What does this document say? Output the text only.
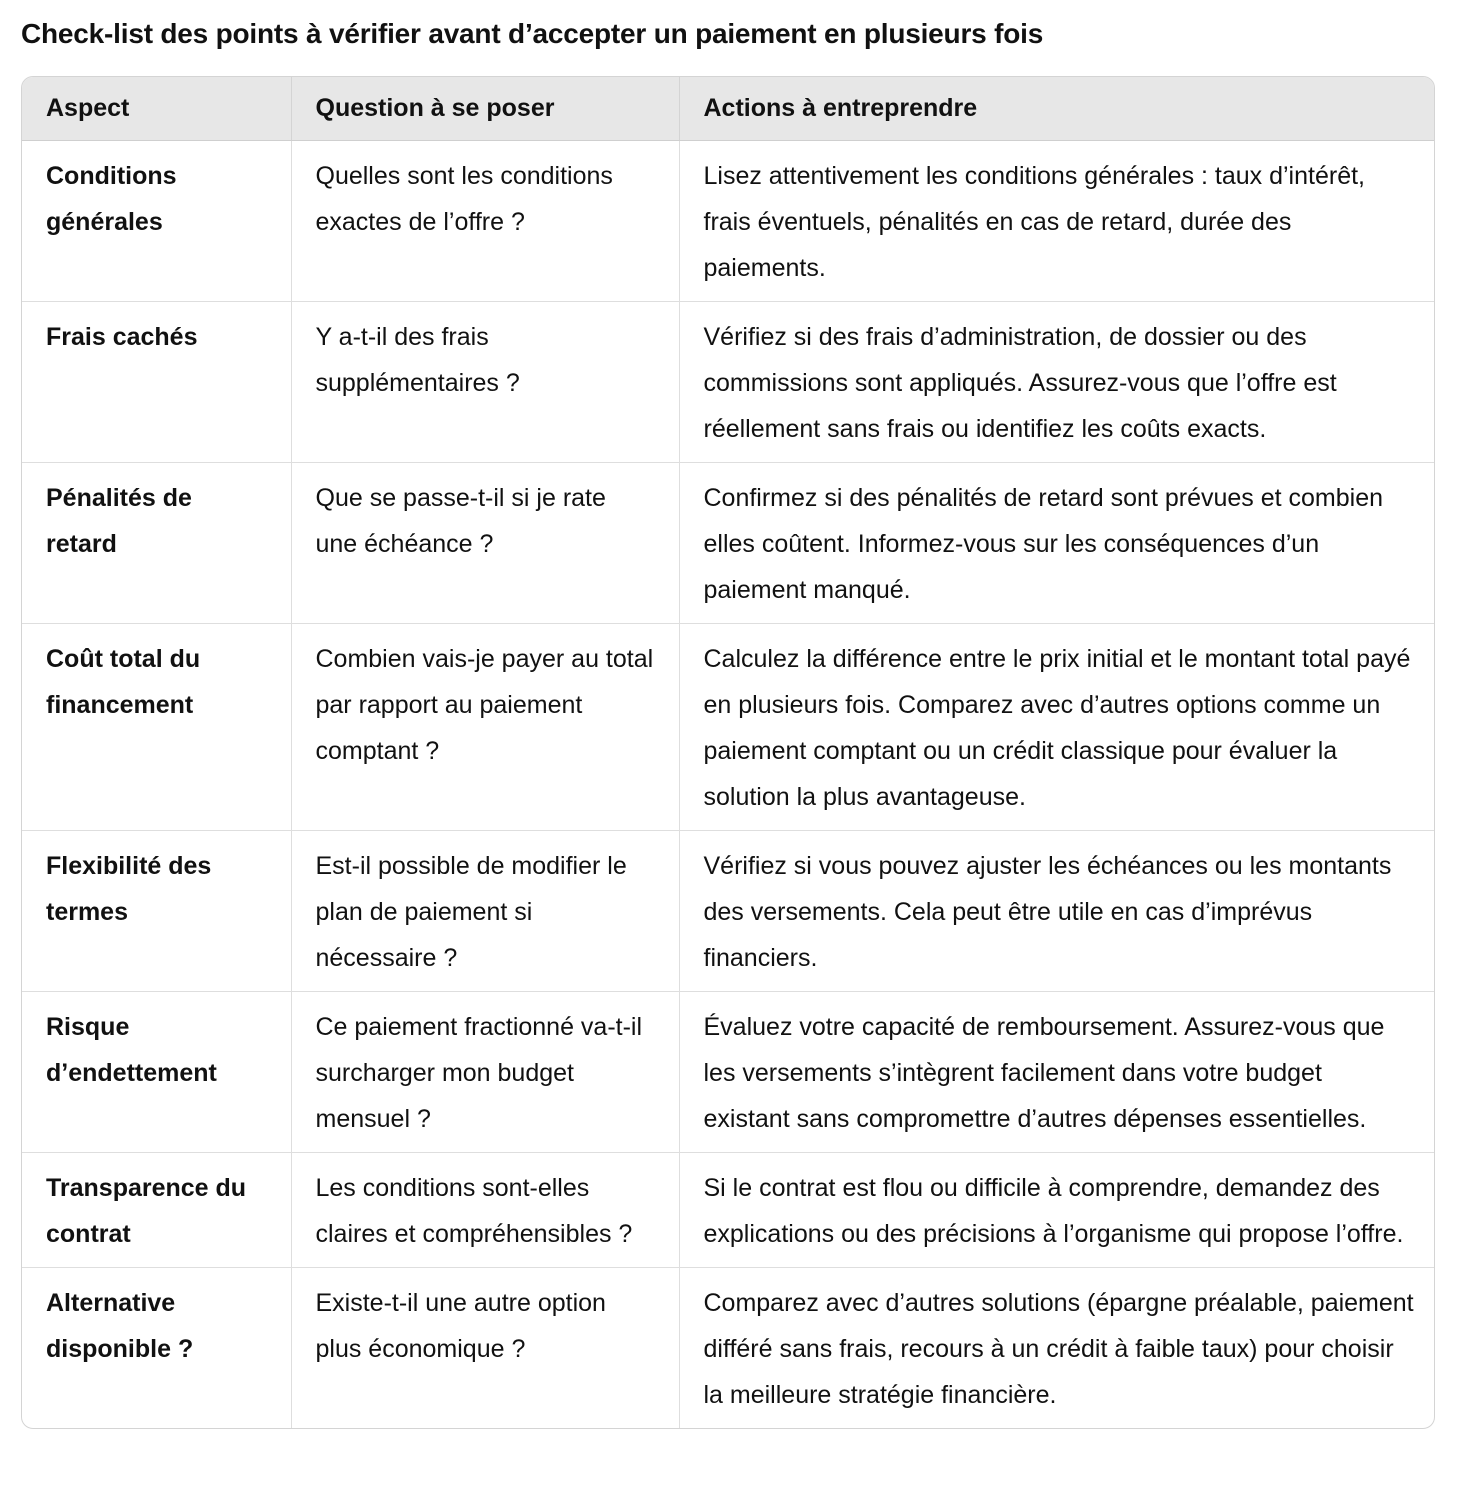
Check-list des points à vérifier avant d’accepter un paiement en plusieurs fois
Aspect	Question à se poser	Actions à entreprendre
Conditions générales	Quelles sont les conditions exactes de l’offre ?	Lisez attentivement les conditions générales : taux d’intérêt, frais éventuels, pénalités en cas de retard, durée des paiements.
Frais cachés	Y a-t-il des frais supplémentaires ?	Vérifiez si des frais d’administration, de dossier ou des commissions sont appliqués. Assurez-vous que l’offre est réellement sans frais ou identifiez les coûts exacts.
Pénalités de retard	Que se passe-t-il si je rate une échéance ?	Confirmez si des pénalités de retard sont prévues et combien elles coûtent. Informez-vous sur les conséquences d’un paiement manqué.
Coût total du financement	Combien vais-je payer au total par rapport au paiement comptant ?	Calculez la différence entre le prix initial et le montant total payé en plusieurs fois. Comparez avec d’autres options comme un paiement comptant ou un crédit classique pour évaluer la solution la plus avantageuse.
Flexibilité des termes	Est-il possible de modifier le plan de paiement si nécessaire ?	Vérifiez si vous pouvez ajuster les échéances ou les montants des versements. Cela peut être utile en cas d’imprévus financiers.
Risque d’endettement	Ce paiement fractionné va-t-il surcharger mon budget mensuel ?	Évaluez votre capacité de remboursement. Assurez-vous que les versements s’intègrent facilement dans votre budget existant sans compromettre d’autres dépenses essentielles.
Transparence du contrat	Les conditions sont-elles claires et compréhensibles ?	Si le contrat est flou ou difficile à comprendre, demandez des explications ou des précisions à l’organisme qui propose l’offre.
Alternative disponible ?	Existe-t-il une autre option plus économique ?	Comparez avec d’autres solutions (épargne préalable, paiement différé sans frais, recours à un crédit à faible taux) pour choisir la meilleure stratégie financière.
